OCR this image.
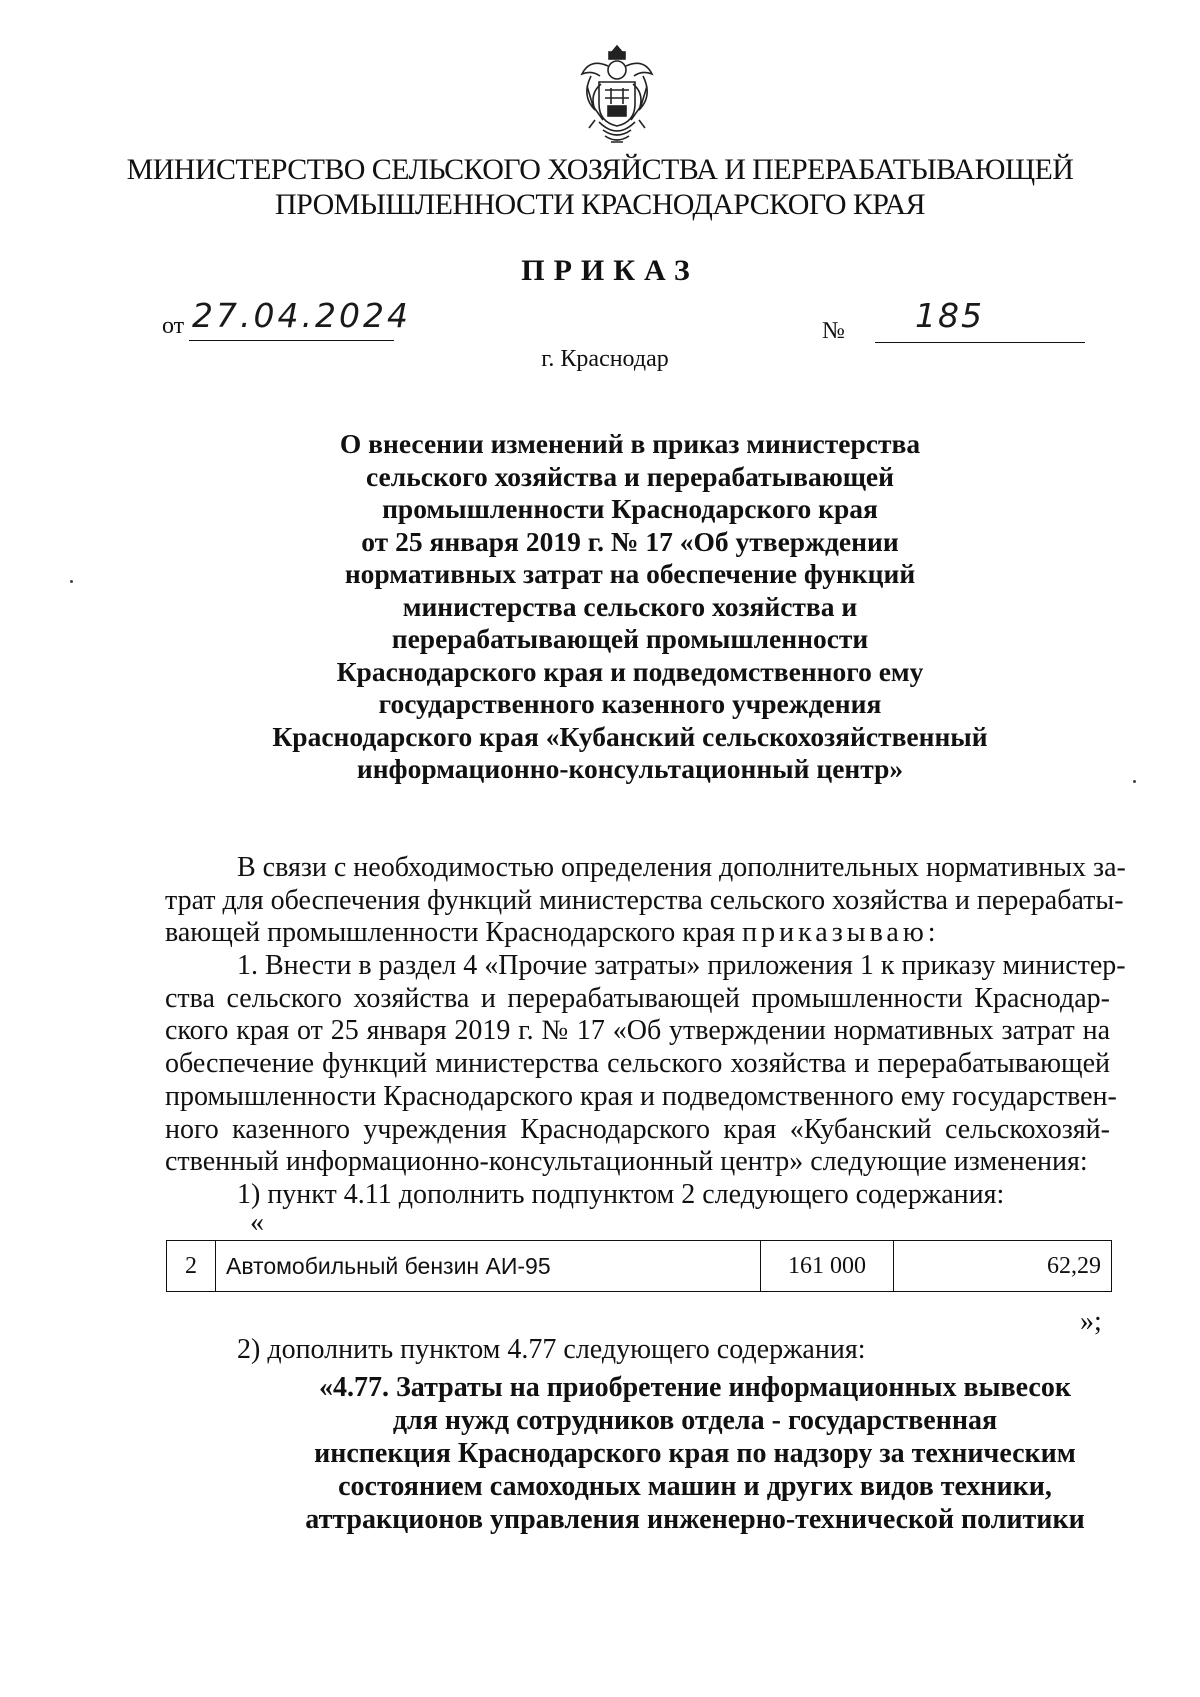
МИНИСТЕРСТВО СЕЛЬСКОГО ХОЗЯЙСТВА И ПЕРЕРАБАТЫВАЮЩЕЙ
ПРОМЫШЛЕННОСТИ КРАСНОДАРСКОГО КРАЯ
ПРИКАЗ
от 27.04.2024	№ 185
г. Краснодар
О внесении изменений в приказ министерства
сельского хозяйства и перерабатывающей
промышленности Краснодарского края
от 25 января 2019 г. № 17 «Об утверждении
нормативных затрат на обеспечение функций
министерства сельского хозяйства и
перерабатывающей промышленности
Краснодарского края и подведомственного ему
государственного казенного учреждения
Краснодарского края «Кубанский сельскохозяйственный
информационно-консультационный центр»
В связи с необходимостью определения дополнительных нормативных за-
трат для обеспечения функций министерства сельского хозяйства и перерабаты-
вающей промышленности Краснодарского края приказываю:
1. Внести в раздел 4 «Прочие затраты» приложения 1 к приказу министер-
ства сельского хозяйства и перерабатывающей промышленности Краснодар-
ского края от 25 января 2019 г. № 17 «Об утверждении нормативных затрат на
обеспечение функций министерства сельского хозяйства и перерабатывающей
промышленности Краснодарского края и подведомственного ему государствен-
ного казенного учреждения Краснодарского края «Кубанский сельскохозяй-
ственный информационно-консультационный центр» следующие изменения:
1) пункт 4.11 дополнить подпунктом 2 следующего содержания:
«
2	Автомобильный бензин АИ-95	161 000	62,29
»;
2) дополнить пунктом 4.77 следующего содержания:
«4.77. Затраты на приобретение информационных вывесок
для нужд сотрудников отдела - государственная
инспекция Краснодарского края по надзору за техническим
состоянием самоходных машин и других видов техники,
аттракционов управления инженерно-технической политики
